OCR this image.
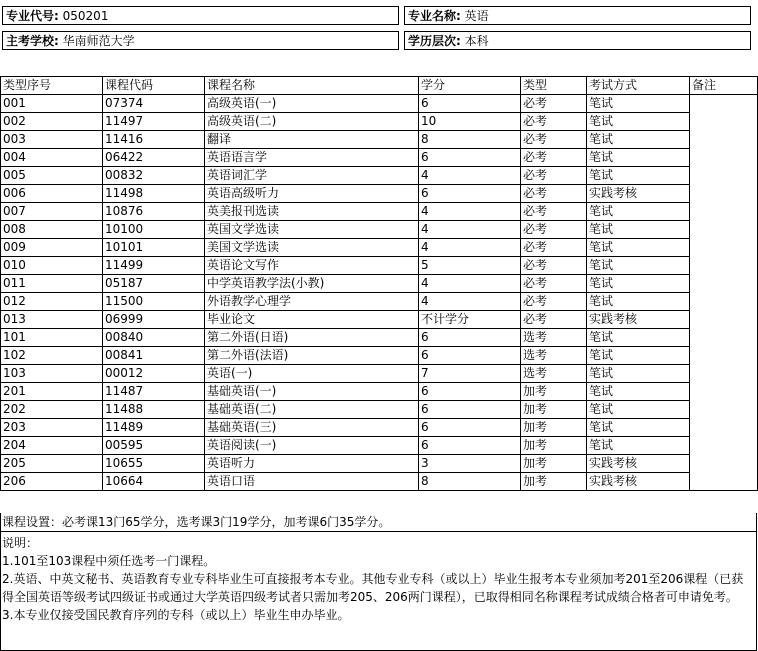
专业代号: 050201	专业名称: 英语
主考学校: 华南师范大学	学历层次: 本科
类型序号	课程代码	课程名称	学分	类型	考试方式	备注
001	07374	高级英语(一)	6	必考	笔试	
002	11497	高级英语(二)	10	必考	笔试	
003	11416	翻译	8	必考	笔试	
004	06422	英语语言学	6	必考	笔试	
005	00832	英语词汇学	4	必考	笔试	
006	11498	英语高级听力	6	必考	实践考核	
007	10876	英美报刊选读	4	必考	笔试	
008	10100	英国文学选读	4	必考	笔试	
009	10101	美国文学选读	4	必考	笔试	
010	11499	英语论文写作	5	必考	笔试	
011	05187	中学英语教学法(小教)	4	必考	笔试	
012	11500	外语教学心理学	4	必考	笔试	
013	06999	毕业论文	不计学分	必考	实践考核	
101	00840	第二外语(日语)	6	选考	笔试	
102	00841	第二外语(法语)	6	选考	笔试	
103	00012	英语(一)	7	选考	笔试	
201	11487	基础英语(一)	6	加考	笔试	
202	11488	基础英语(二)	6	加考	笔试	
203	11489	基础英语(三)	6	加考	笔试	
204	00595	英语阅读(一)	6	加考	笔试	
205	10655	英语听力	3	加考	实践考核	
206	10664	英语口语	8	加考	实践考核	
课程设置：必考课13门65学分，选考课3门19学分，加考课6门35学分。
说明：
1.101至103课程中须任选考一门课程。
2.英语、中英文秘书、英语教育专业专科毕业生可直接报考本专业。其他专业专科（或以上）毕业生报考本专业须加考201至206课程（已获得全国英语等级考试四级证书或通过大学英语四级考试者只需加考205、206两门课程），已取得相同名称课程考试成绩合格者可申请免考。
3.本专业仅接受国民教育序列的专科（或以上）毕业生申办毕业。
